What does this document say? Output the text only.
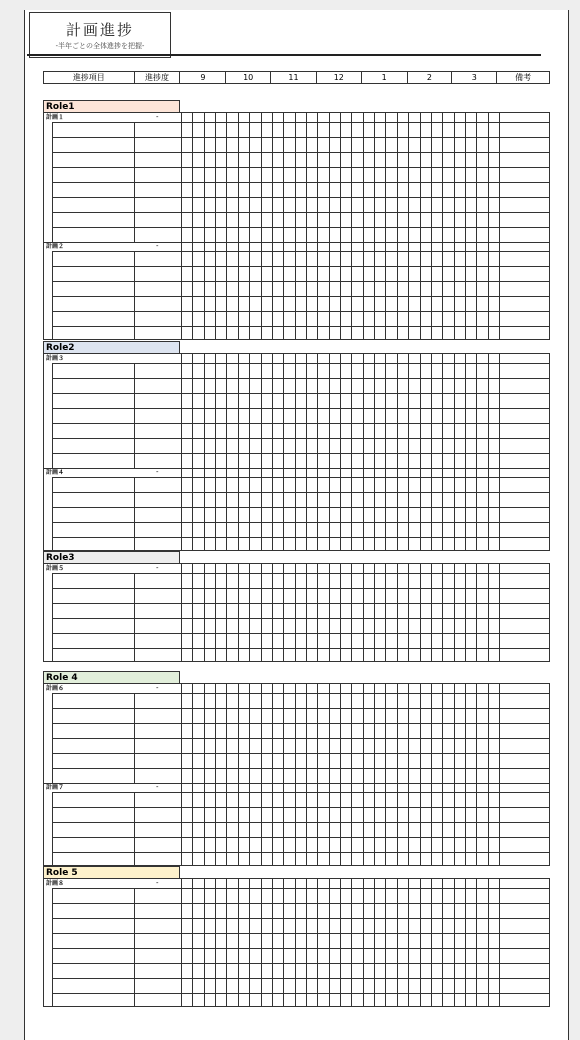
計画進捗
-半年ごとの全体進捗を把握-
進捗項目	進捗度	9	10	11	12	1	2	3	備考
Role1
計画１	-
計画２	-
Role2
計画３
計画４	-
Role3
計画５	-
Role 4
計画６	-
計画７	-
Role 5
計画８	-
